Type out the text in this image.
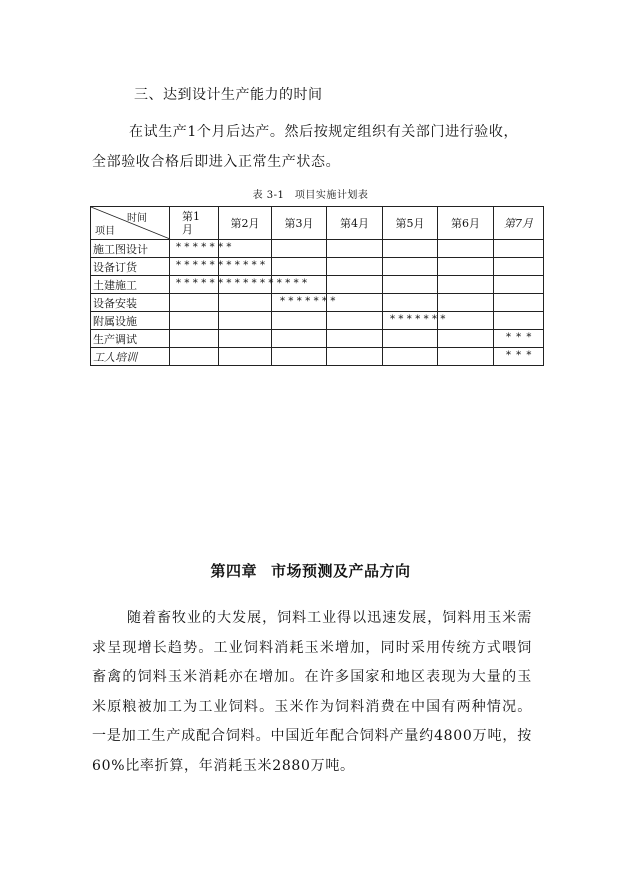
三、达到设计生产能力的时间
在试生产1个月后达产。然后按规定组织有关部门进行验收，全部验收合格后即进入正常生产状态。
表 3-1　项目实施计划表
时间
项目	第1月	第2月	第3月	第4月	第5月	第6月	第7月
施工图设计	*******						

设备订货	***********						

土建施工	****************						

设备安装			*******				

附属设施					*******		

生产调试							* * *

工人培训							* * *
第四章 市场预测及产品方向
随着畜牧业的大发展，饲料工业得以迅速发展，饲料用玉米需求呈现增长趋势。工业饲料消耗玉米增加，同时采用传统方式喂饲畜禽的饲料玉米消耗亦在增加。在许多国家和地区表现为大量的玉米原粮被加工为工业饲料。玉米作为饲料消费在中国有两种情况。一是加工生产成配合饲料。中国近年配合饲料产量约4800万吨，按60%比率折算，年消耗玉米2880万吨。
